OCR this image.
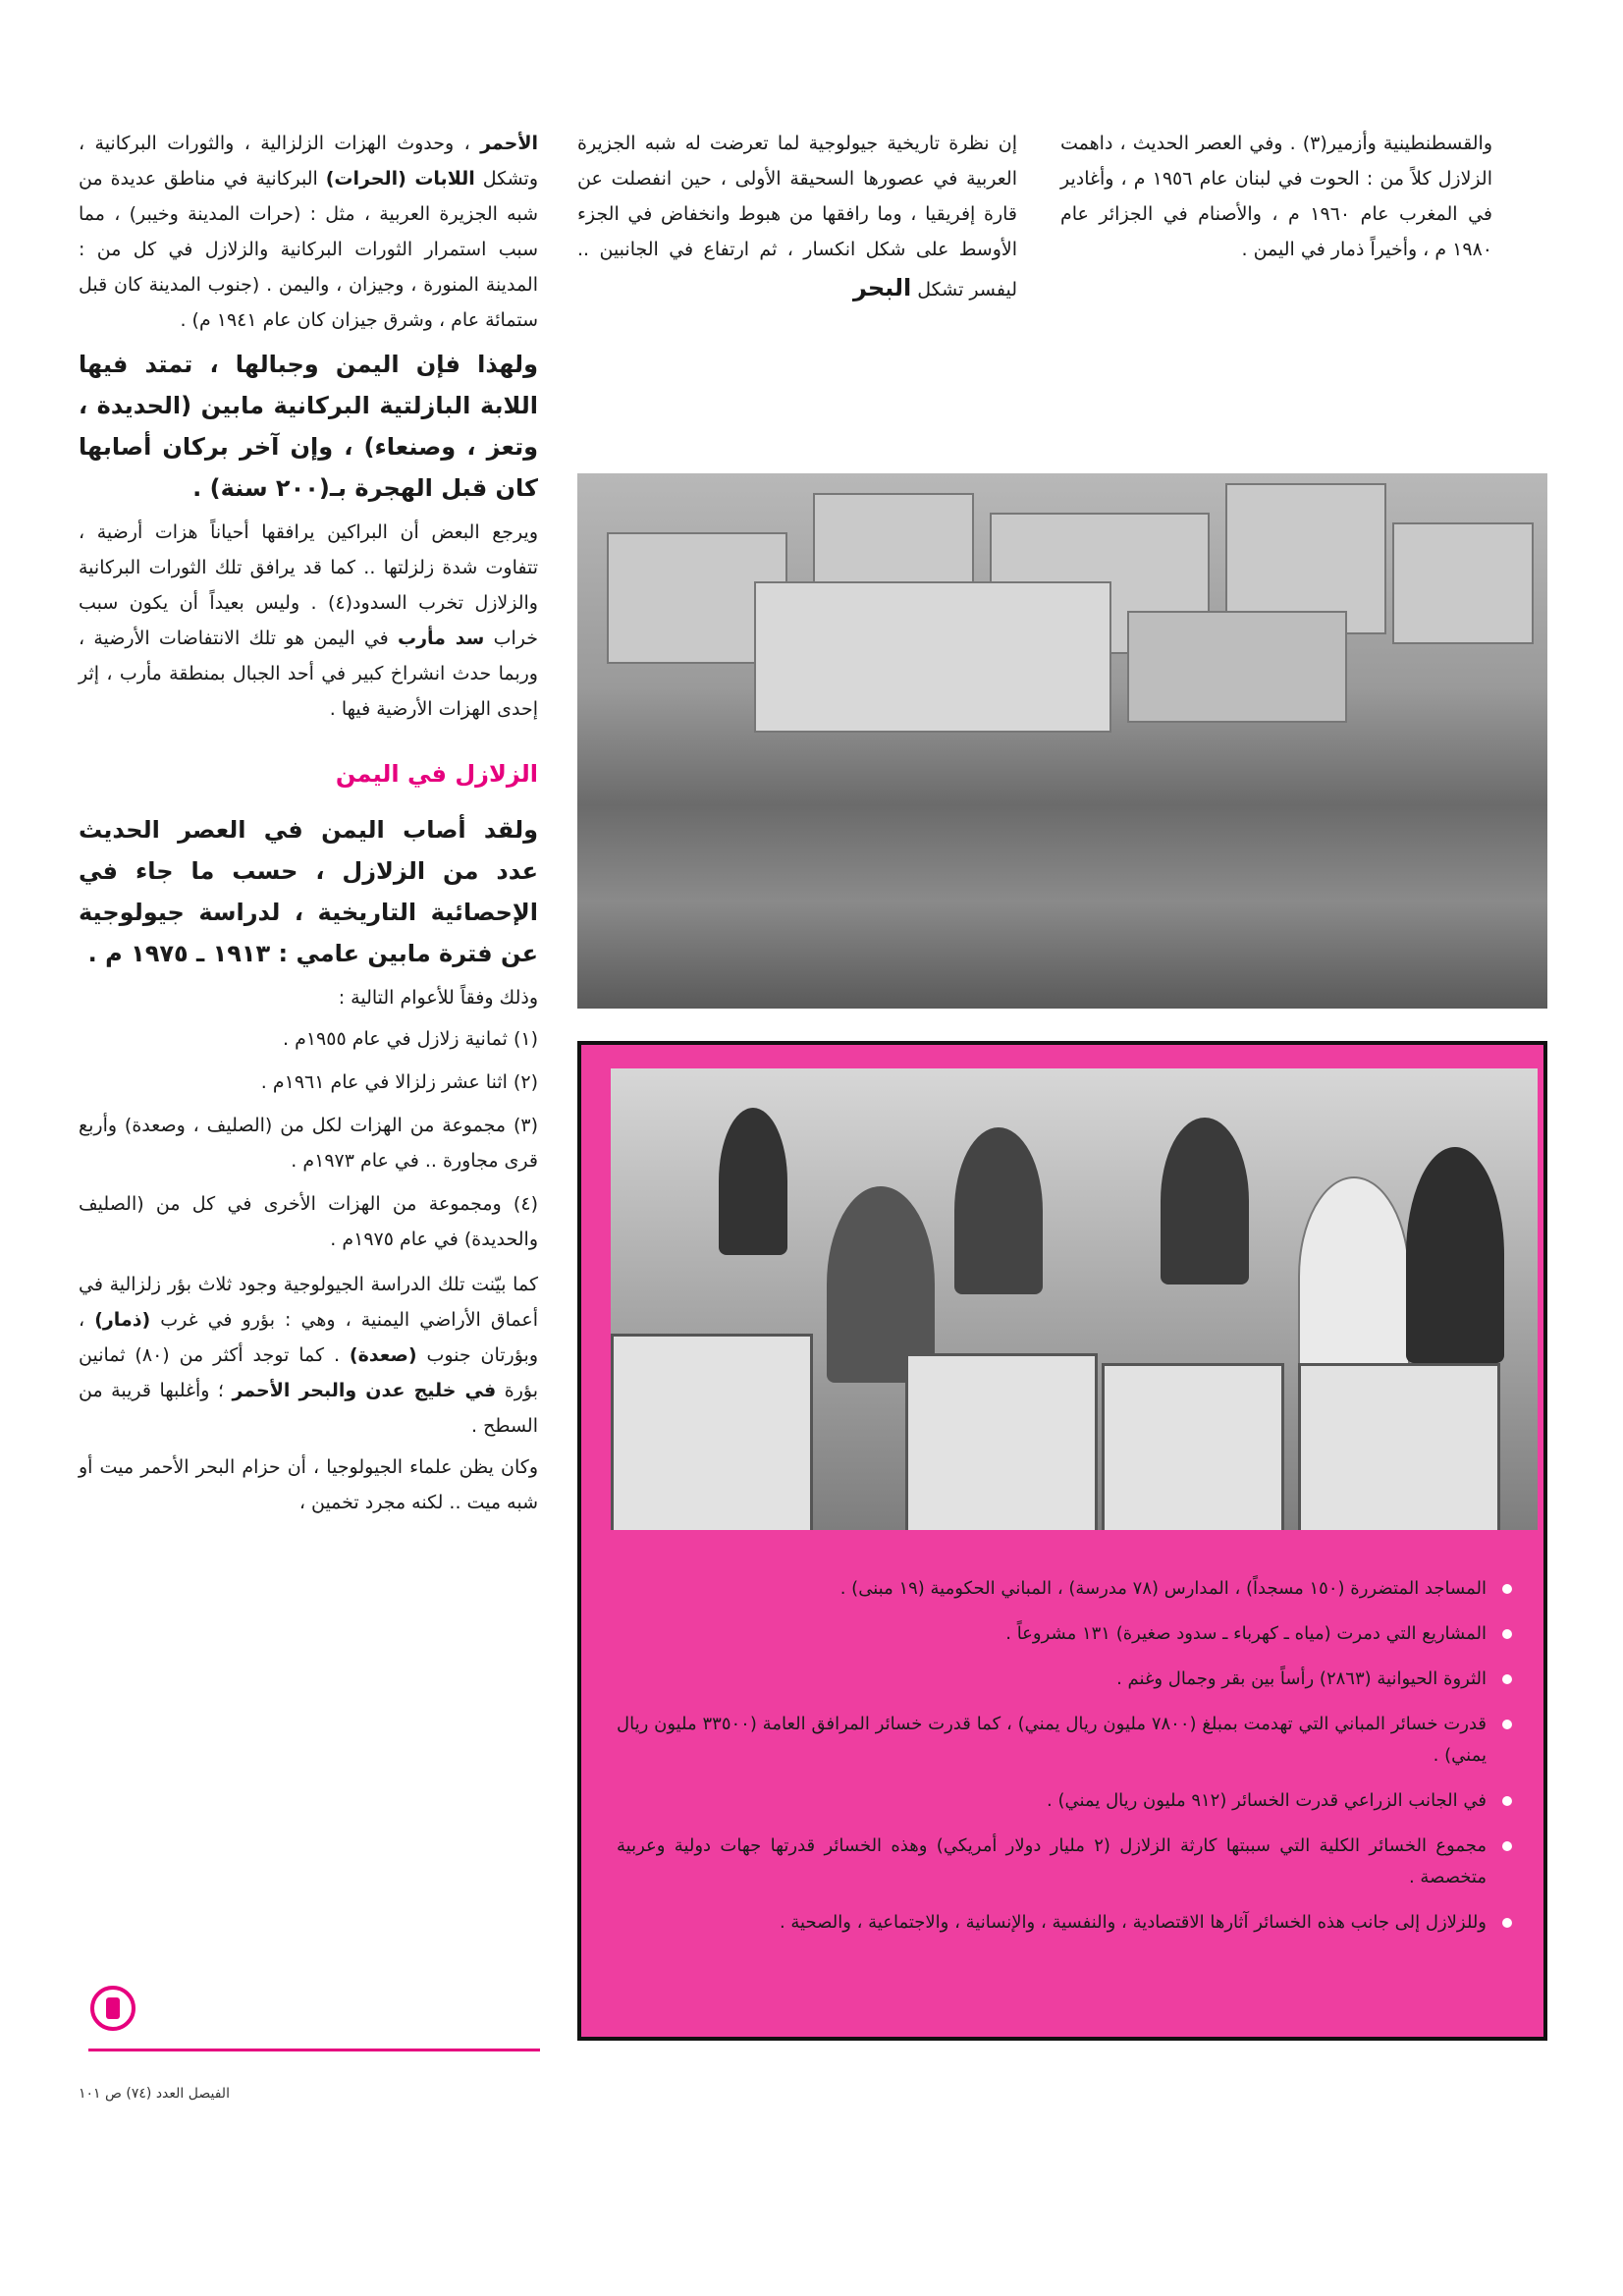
والقسطنطينية وأزمير(٣) . وفي العصر الحديث ، داهمت الزلازل كلاً من : الحوت في لبنان عام ١٩٥٦ م ، وأغادير في المغرب عام ١٩٦٠ م ، والأصنام في الجزائر عام ١٩٨٠ م ، وأخيراً ذمار في اليمن .

إن نظرة تاريخية جيولوجية لما تعرضت له شبه الجزيرة العربية في عصورها السحيقة الأولى ، حين انفصلت عن قارة إفريقيا ، وما رافقها من هبوط وانخفاض في الجزء الأوسط على شكل انكسار ، ثم ارتفاع في الجانبين .. ليفسر تشكل البحر

الأحمر ، وحدوث الهزات الزلزالية ، والثورات البركانية ، وتشكل اللابات (الحرات) البركانية في مناطق عديدة من شبه الجزيرة العربية ، مثل : (حرات المدينة وخيبر) ، مما سبب استمرار الثورات البركانية والزلازل في كل من : المدينة المنورة ، وجيزان ، واليمن . (جنوب المدينة كان قبل ستمائة عام ، وشرق جيزان كان عام ١٩٤١ م) .

ولهذا فإن اليمن وجبالها ، تمتد فيها اللابة البازلتية البركانية مابين (الحديدة ، وتعز ، وصنعاء) ، وإن آخر بركان أصابها كان قبل الهجرة بـ(٢٠٠ سنة) .

ويرجع البعض أن البراكين يرافقها أحياناً هزات أرضية ، تتفاوت شدة زلزلتها .. كما قد يرافق تلك الثورات البركانية والزلازل تخرب السدود(٤) . وليس بعيداً أن يكون سبب خراب سد مأرب في اليمن هو تلك الانتفاضات الأرضية ، وربما حدث انشراخ كبير في أحد الجبال بمنطقة مأرب ، إثر إحدى الهزات الأرضية فيها .

الزلازل في اليمن

ولقد أصاب اليمن في العصر الحديث عدد من الزلازل ، حسب ما جاء في الإحصائية التاريخية ، لدراسة جيولوجية عن فترة مابين عامي : ١٩١٣ ـ ١٩٧٥ م .

وذلك وفقاً للأعوام التالية :

(١) ثمانية زلازل في عام ١٩٥٥م .
(٢) اثنا عشر زلزالا في عام ١٩٦١م .
(٣) مجموعة من الهزات لكل من (الصليف ، وصعدة) وأربع قرى مجاورة .. في عام ١٩٧٣م .
(٤) ومجموعة من الهزات الأخرى في كل من (الصليف والحديدة) في عام ١٩٧٥م .

كما بيّنت تلك الدراسة الجيولوجية وجود ثلاث بؤر زلزالية في أعماق الأراضي اليمنية ، وهي : بؤرو في غرب (ذمار) ، وبؤرتان جنوب (صعدة) . كما توجد أكثر من (٨٠) ثمانين بؤرة في خليج عدن والبحر الأحمر ؛ وأغلبها قريبة من السطح .

وكان يظن علماء الجيولوجيا ، أن حزام البحر الأحمر ميت أو شبه ميت .. لكنه مجرد تخمين ،

المساجد المتضررة (١٥٠ مسجداً) ، المدارس (٧٨ مدرسة) ، المباني الحكومية (١٩ مبنى) .
المشاريع التي دمرت (مياه ـ كهرباء ـ سدود صغيرة) ١٣١ مشروعاً .
الثروة الحيوانية (٢٨٦٣) رأساً بين بقر وجمال وغنم .
قدرت خسائر المباني التي تهدمت بمبلغ (٧٨٠٠ مليون ريال يمني) ، كما قدرت خسائر المرافق العامة (٣٣٥٠٠ مليون ريال يمني) .
في الجانب الزراعي قدرت الخسائر (٩١٢ مليون ريال يمني) .
مجموع الخسائر الكلية التي سببتها كارثة الزلازل (٢ مليار دولار أمريكي) وهذه الخسائر قدرتها جهات دولية وعربية متخصصة .
وللزلازل إلى جانب هذه الخسائر آثارها الاقتصادية ، والنفسية ، والإنسانية ، والاجتماعية ، والصحية .
الفيصل العدد (٧٤) ص ١٠١
